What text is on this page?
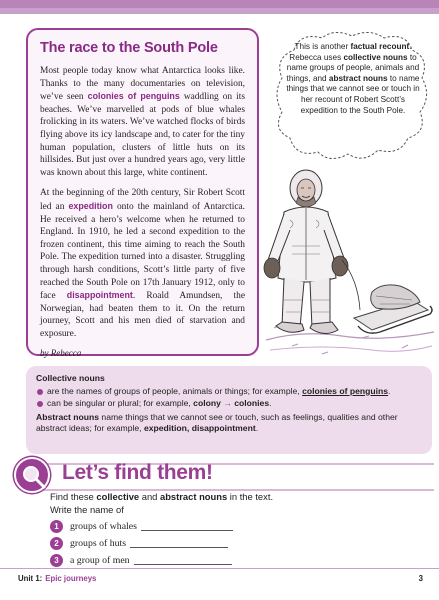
The race to the South Pole

Most people today know what Antarctica looks like. Thanks to the many documentaries on television, we’ve seen colonies of penguins waddling on its beaches. We’ve marvelled at pods of blue whales frolicking in its waters. We’ve watched flocks of birds flying above its icy landscape and, to cater for the tiny human population, clusters of little huts on its hillsides. But just over a hundred years ago, very little was known about this large, white continent.

At the beginning of the 20th century, Sir Robert Scott led an expedition onto the mainland of Antarctica. He received a hero’s welcome when he returned to England. In 1910, he led a second expedition to the frozen continent, this time aiming to reach the South Pole. The expedition turned into a disaster. Struggling through harsh conditions, Scott’s little party of five reached the South Pole on 17th January 1912, only to face disappointment. Roald Amundsen, the Norwegian, had beaten them to it. On the return journey, Scott and his men died of starvation and exposure.

by Rebecca
This is another factual recount. Rebecca uses collective nouns to name groups of people, animals and things, and abstract nouns to name things that we cannot see or touch in her recount of Robert Scott’s expedition to the South Pole.
Collective nouns
are the names of groups of people, animals or things; for example, colonies of penguins.
can be singular or plural; for example, colony → colonies.
Abstract nouns name things that we cannot see or touch, such as feelings, qualities and other abstract ideas; for example, expedition, disappointment.
Let’s find them!
Find these collective and abstract nouns in the text.
Write the name of
1	groups of whales
2	groups of huts
3	a group of men
Unit 1: Epic journeys	3
